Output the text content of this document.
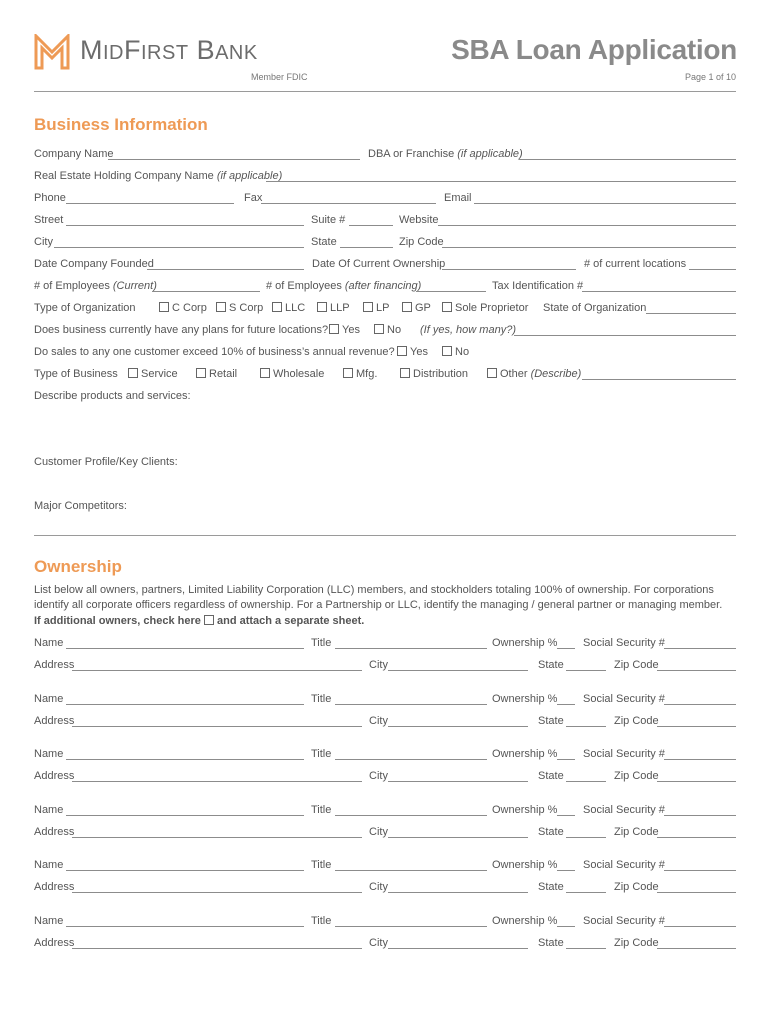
MIDFIRST BANK
Member FDIC
SBA Loan Application
Page 1 of 10
Business Information
Company Name	DBA or Franchise (if applicable)
Real Estate Holding Company Name (if applicable)
Phone	Fax	Email
Street	Suite #	Website
City	State	Zip Code
Date Company Founded	Date Of Current Ownership	# of current locations
# of Employees (Current)	# of Employees (after financing)	Tax Identification #
Type of Organization	C Corp S Corp LLC LLP LP GP Sole Proprietor State of Organization
Does business currently have any plans for future locations? Yes No (If yes, how many?)
Do sales to any one customer exceed 10% of business’s annual revenue? Yes No
Type of Business Service	Retail	Wholesale	Mfg.	Distribution	Other (Describe)
Describe products and services:
Customer Profile/Key Clients:
Major Competitors:
Ownership
List below all owners, partners, Limited Liability Corporation (LLC) members, and stockholders totaling 100% of ownership. For corporations identify all corporate officers regardless of ownership. For a Partnership or LLC, identify the managing / general partner or managing member.
If additional owners, check here  and attach a separate sheet.
Name	Title	Ownership % Social Security #
Address	City	State	Zip Code
Name	Title	Ownership % Social Security #
Address	City	State	Zip Code
Name	Title	Ownership % Social Security #
Address	City	State	Zip Code
Name	Title	Ownership % Social Security #
Address	City	State	Zip Code
Name	Title	Ownership % Social Security #
Address	City	State	Zip Code
Name	Title	Ownership % Social Security #
Address	City	State	Zip Code
